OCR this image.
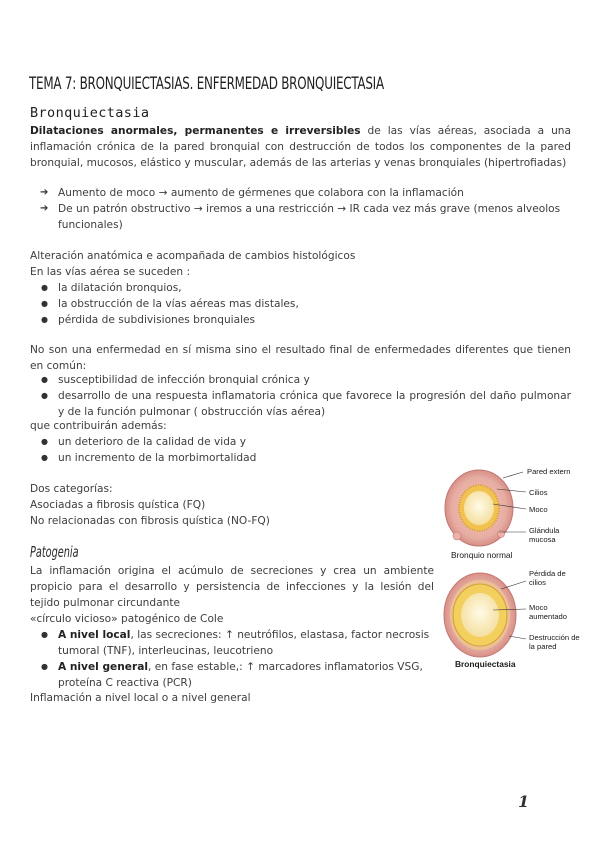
TEMA 7: BRONQUIECTASIAS. ENFERMEDAD BRONQUIECTASIA
Bronquiectasia
Dilataciones anormales, permanentes e irreversibles de las vías aéreas, asociada a una inflamación crónica de la pared bronquial con destrucción de todos los componentes de la pared bronquial, mucosos, elástico y muscular, además de las arterias y venas bronquiales (hipertrofiadas)
➔ Aumento de moco → aumento de gérmenes que colabora con la inflamación
➔ De un patrón obstructivo → iremos a una restricción → IR cada vez más grave (menos alveolos funcionales)
Alteración anatómica e acompañada de cambios histológicos
En las vías aérea se suceden :
● la dilatación bronquios,
● la obstrucción de la vías aéreas mas distales,
● pérdida de subdivisiones bronquiales
No son una enfermedad en sí misma sino el resultado final de enfermedades diferentes que tienen en común:
● susceptibilidad de infección bronquial crónica y
● desarrollo de una respuesta inflamatoria crónica que favorece la progresión del daño pulmonar y de la función pulmonar ( obstrucción vías aérea)
que contribuirán además:
● un deterioro de la calidad de vida y
● un incremento de la morbimortalidad
Dos categorías:
Asociadas a fibrosis quística (FQ)
No relacionadas con fibrosis quística (NO-FQ)
Patogenia
La inflamación origina el acúmulo de secreciones y crea un ambiente propicio para el desarrollo y persistencia de infecciones y la lesión del tejido pulmonar circundante
«círculo vicioso» patogénico de Cole
● A nivel local, las secreciones: ↑ neutrófilos, elastasa, factor necrosis tumoral (TNF), interleucinas, leucotrieno
● A nivel general, en fase estable,: ↑ marcadores inflamatorios VSG, proteína C reactiva (PCR)
Inflamación a nivel local o a nivel general
Pared extern
Cilios
Moco
Glándula mucosa
Bronquio normal
Pérdida de cilios
Moco aumentado
Destrucción de la pared
Bronquiectasia
1
